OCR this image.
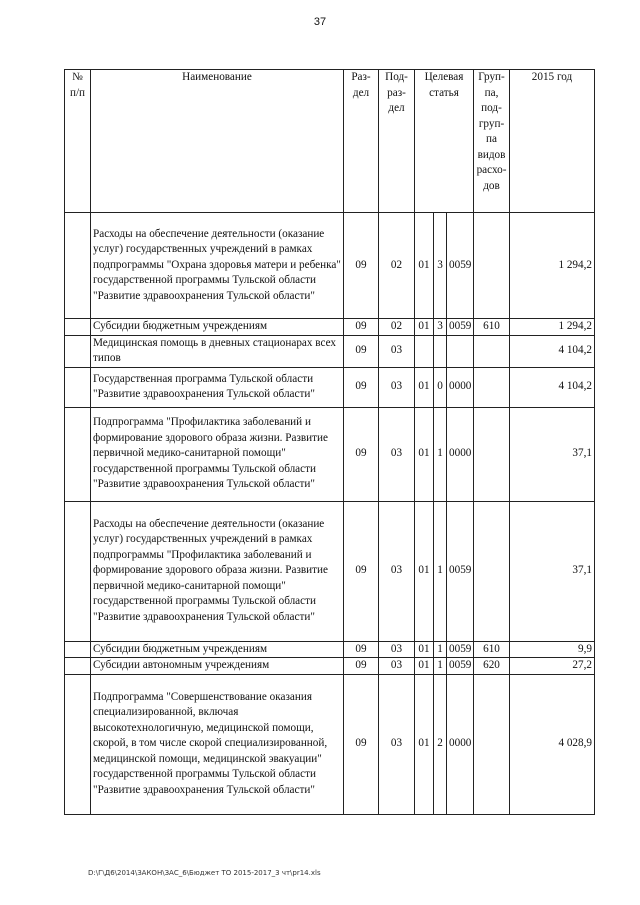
37
№ п/п	Наименование	Раз- дел	Под- раз- дел	Целевая статья			Груп- па, под- груп- па видов расхо- дов	2015 год

	Расходы на обеспечение деятельности (оказание услуг) государственных учреждений в рамках подпрограммы "Охрана здоровья матери и ребенка" государственной программы Тульской области "Развитие здравоохранения Тульской области"	09	02	01	3	0059		1 294,2
	Субсидии бюджетным учреждениям	09	02	01	3	0059	610	1 294,2
	Медицинская помощь в дневных стационарах всех типов	09	03					4 104,2
	Государственная программа Тульской области "Развитие здравоохранения Тульской области"	09	03	01	0	0000		4 104,2
	Подпрограмма "Профилактика заболеваний и формирование здорового образа жизни. Развитие первичной медико-санитарной помощи" государственной программы Тульской области "Развитие здравоохранения Тульской области"	09	03	01	1	0000		37,1
	Расходы на обеспечение деятельности (оказание услуг) государственных учреждений в рамках подпрограммы "Профилактика заболеваний и формирование здорового образа жизни. Развитие первичной медико-санитарной помощи" государственной программы Тульской области "Развитие здравоохранения Тульской области"	09	03	01	1	0059		37,1
	Субсидии бюджетным учреждениям	09	03	01	1	0059	610	9,9
	Субсидии автономным учреждениям	09	03	01	1	0059	620	27,2
	Подпрограмма "Совершенствование оказания специализированной, включая высокотехнологичную, медицинской помощи, скорой, в том числе скорой специализированной, медицинской помощи, медицинской эвакуации" государственной программы Тульской области "Развитие здравоохранения Тульской области"	09	03	01	2	0000		4 028,9
D:\Г\Д6\2014\ЗАКОН\ЗАС_6\Бюджет ТО 2015-2017_3 чт\pr14.xls
